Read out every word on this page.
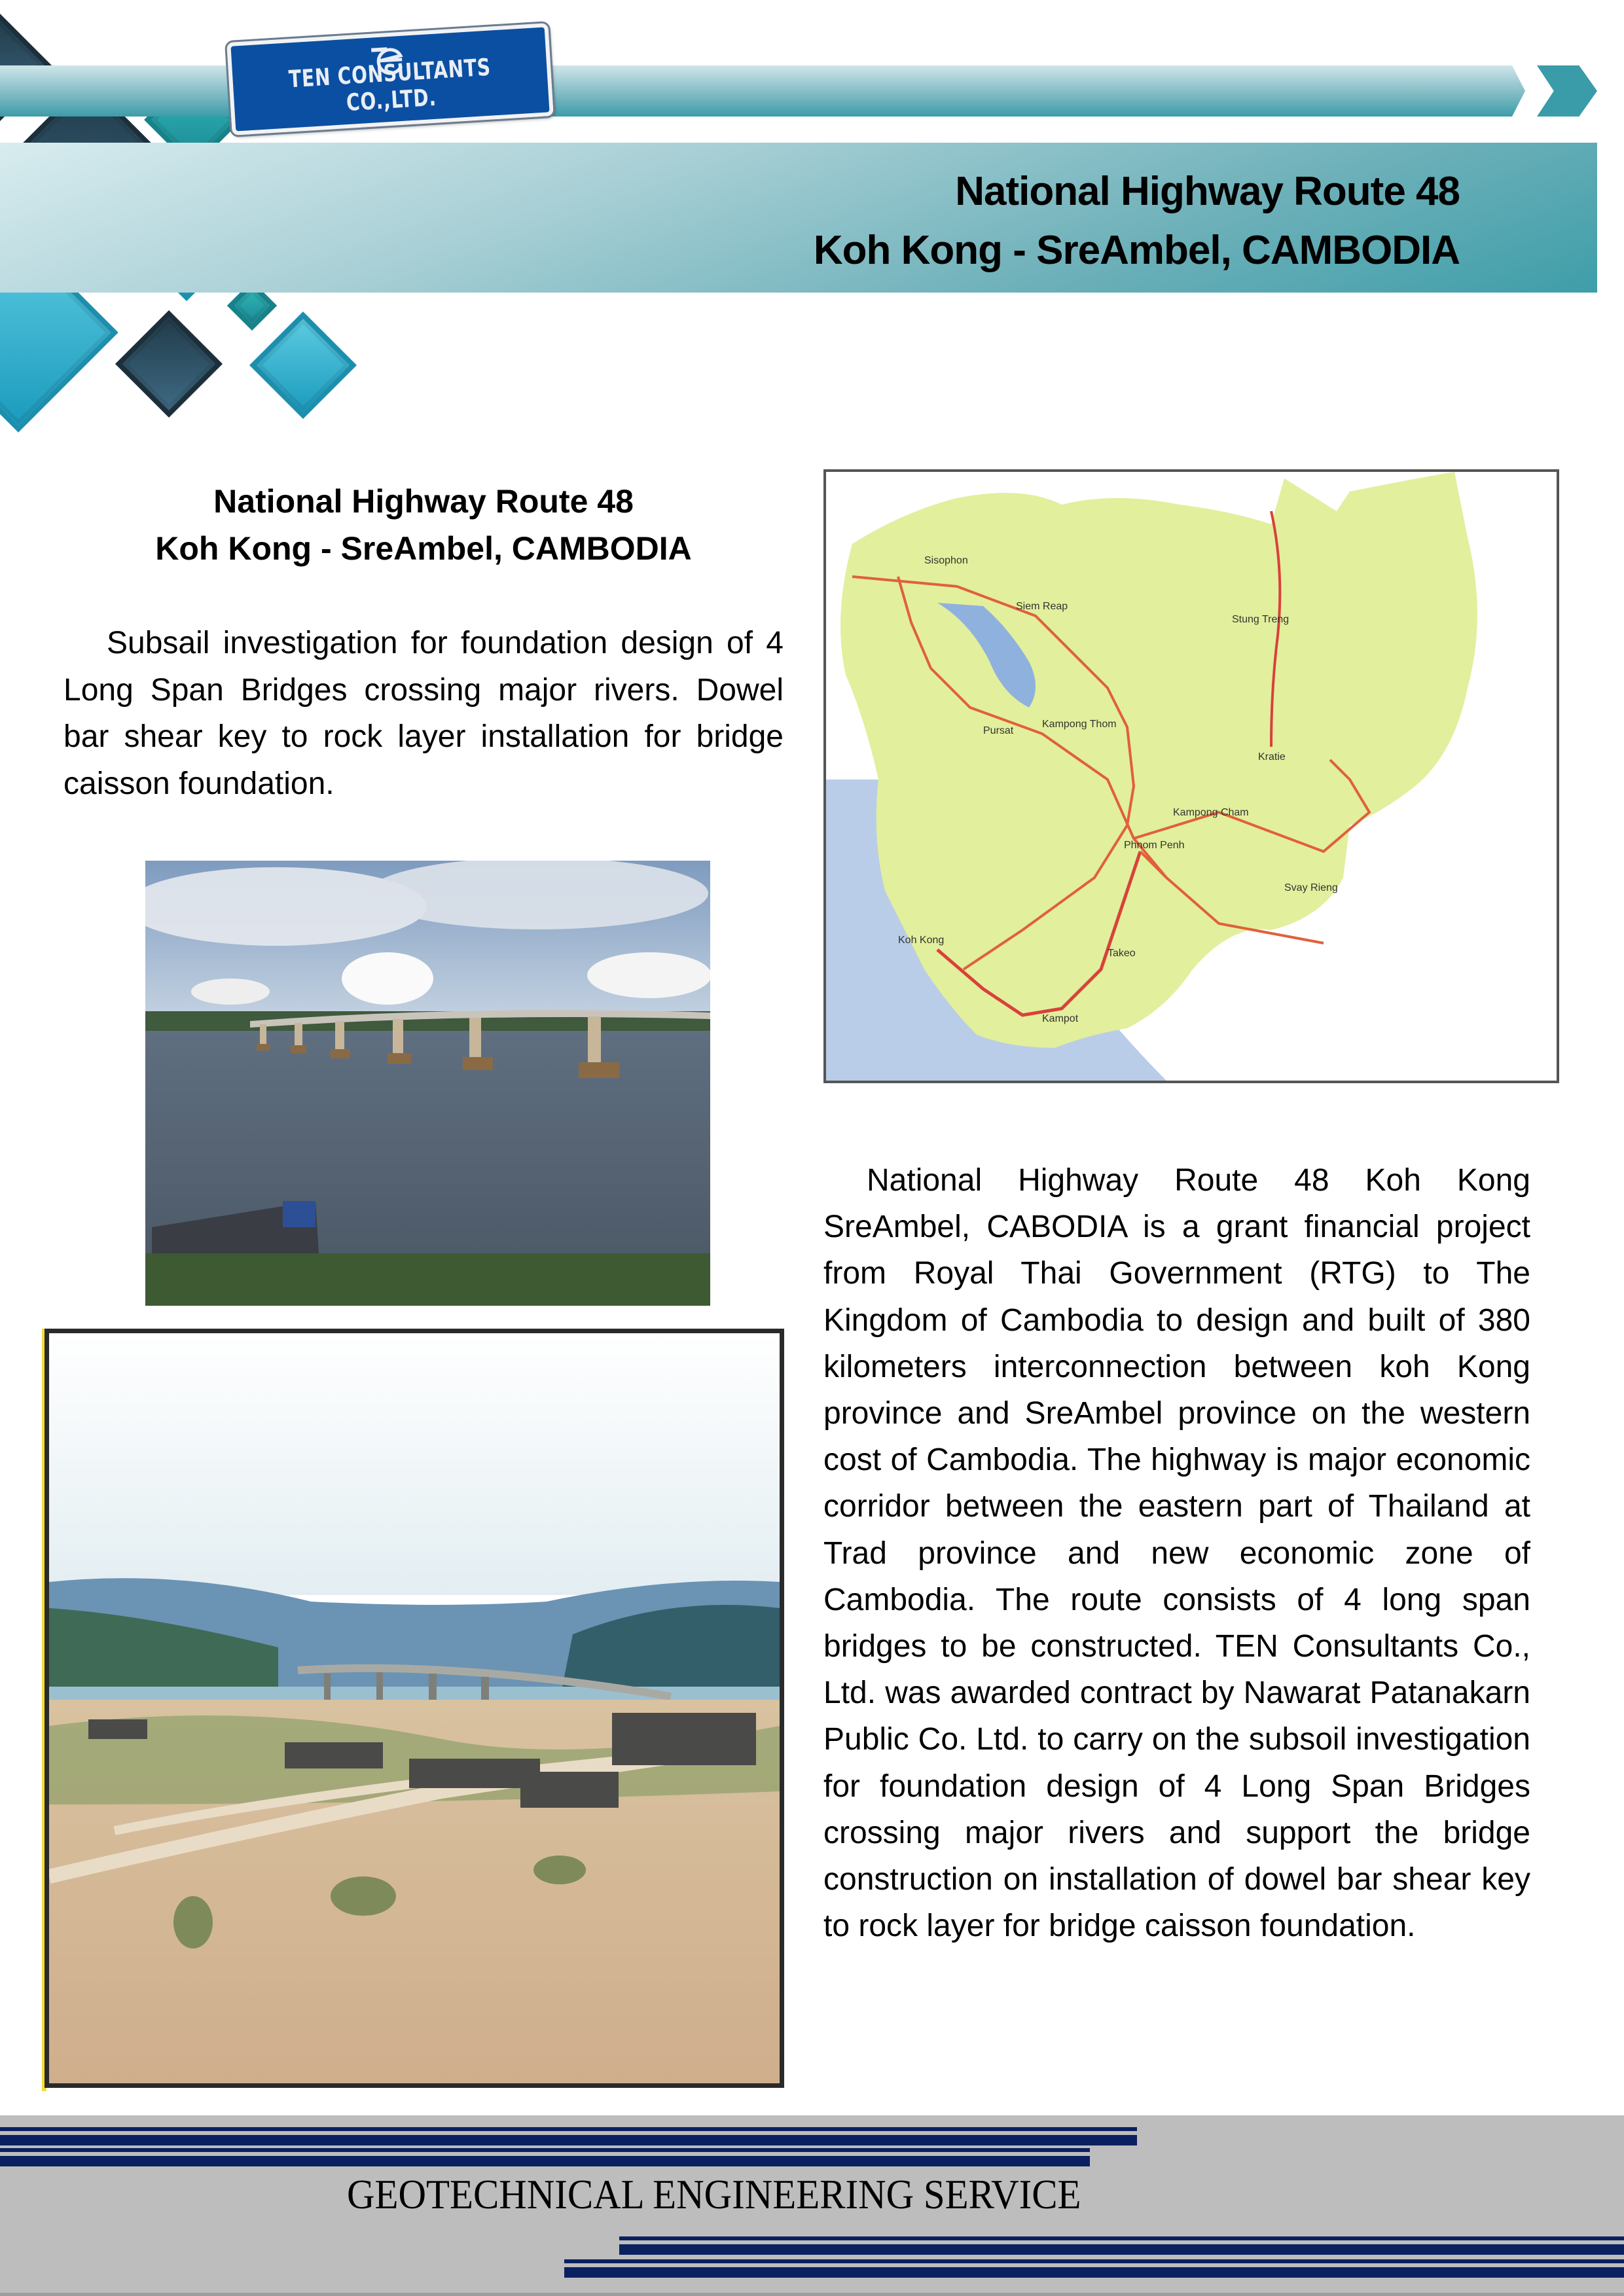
TEN CONSULTANTS CO.,LTD.
National Highway Route 48
Koh Kong - SreAmbel, CAMBODIA
National Highway Route 48
Koh Kong - SreAmbel, CAMBODIA
Subsail investigation for foundation design of 4 Long Span Bridges crossing major rivers. Dowel bar shear key to rock layer installation for bridge caisson foundation.
Phnom Penh
Kampong Thom
Kampong Cham
Pursat
Kampot
Stung Treng
Kratie
Sisophon
Siem Reap
Takeo
Svay Rieng
Koh Kong
National Highway Route 48 Koh Kong SreAmbel, CABODIA is a grant financial project from Royal Thai Government (RTG) to The Kingdom of Cambodia to design and built of 380 kilometers interconnection between koh Kong province and SreAmbel province on the western cost of Cambodia. The highway is major economic corridor between the eastern part of Thailand at Trad province and new economic zone of Cambodia. The route consists of 4 long span bridges to be constructed. TEN Consultants Co., Ltd. was awarded contract by Nawarat Patanakarn Public Co. Ltd. to carry on the subsoil investigation for foundation design of 4 Long Span Bridges crossing major rivers and support the bridge construction on installation of dowel bar shear key to rock layer for bridge caisson foundation.
GEOTECHNICAL ENGINEERING SERVICE
